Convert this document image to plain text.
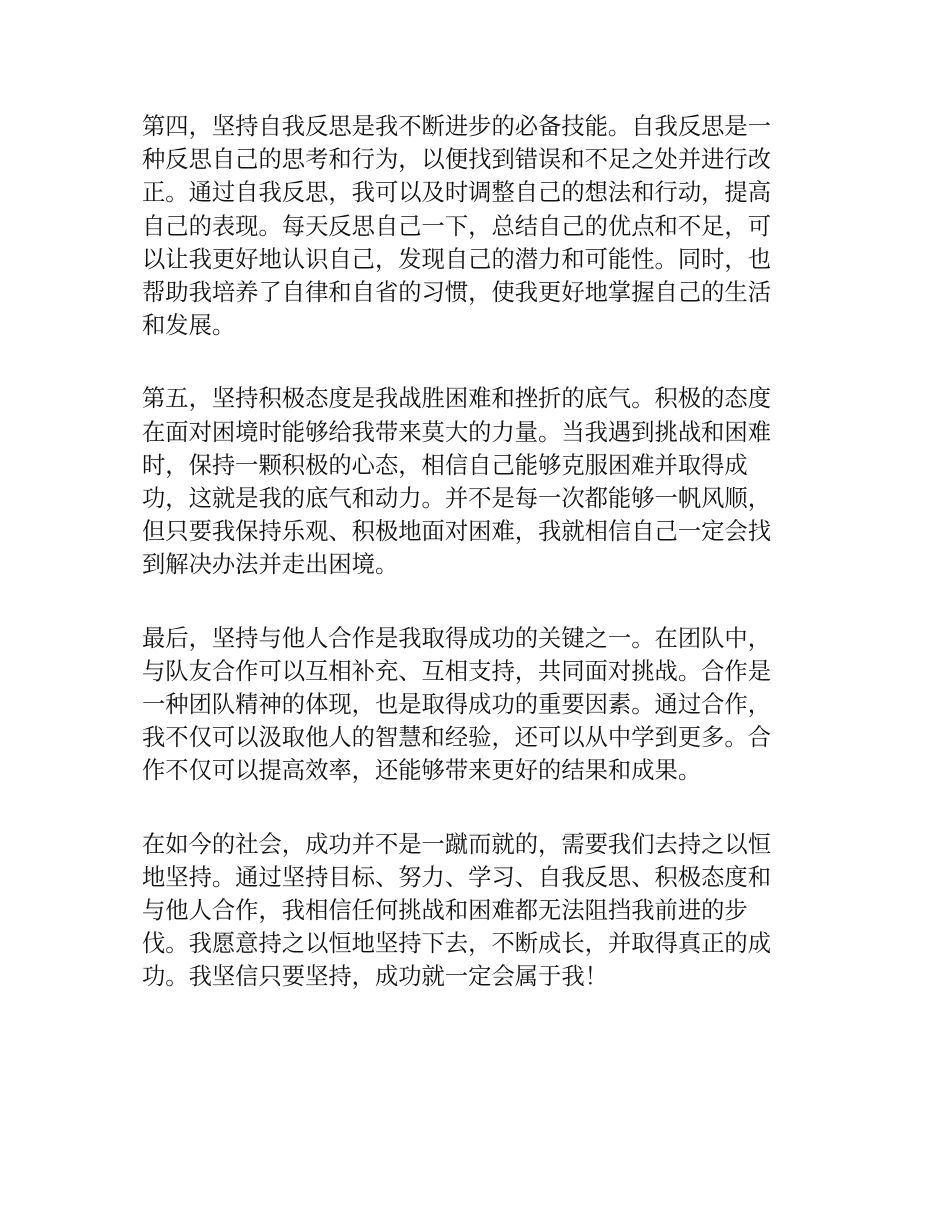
第四，坚持自我反思是我不断进步的必备技能。自我反思是一
种反思自己的思考和行为，以便找到错误和不足之处并进行改
正。通过自我反思，我可以及时调整自己的想法和行动，提高
自己的表现。每天反思自己一下，总结自己的优点和不足，可
以让我更好地认识自己，发现自己的潜力和可能性。同时，也
帮助我培养了自律和自省的习惯，使我更好地掌握自己的生活
和发展。

第五，坚持积极态度是我战胜困难和挫折的底气。积极的态度
在面对困境时能够给我带来莫大的力量。当我遇到挑战和困难
时，保持一颗积极的心态，相信自己能够克服困难并取得成
功，这就是我的底气和动力。并不是每一次都能够一帆风顺，
但只要我保持乐观、积极地面对困难，我就相信自己一定会找
到解决办法并走出困境。

最后，坚持与他人合作是我取得成功的关键之一。在团队中，
与队友合作可以互相补充、互相支持，共同面对挑战。合作是
一种团队精神的体现，也是取得成功的重要因素。通过合作，
我不仅可以汲取他人的智慧和经验，还可以从中学到更多。合
作不仅可以提高效率，还能够带来更好的结果和成果。

在如今的社会，成功并不是一蹴而就的，需要我们去持之以恒
地坚持。通过坚持目标、努力、学习、自我反思、积极态度和
与他人合作，我相信任何挑战和困难都无法阻挡我前进的步
伐。我愿意持之以恒地坚持下去，不断成长，并取得真正的成
功。我坚信只要坚持，成功就一定会属于我！
